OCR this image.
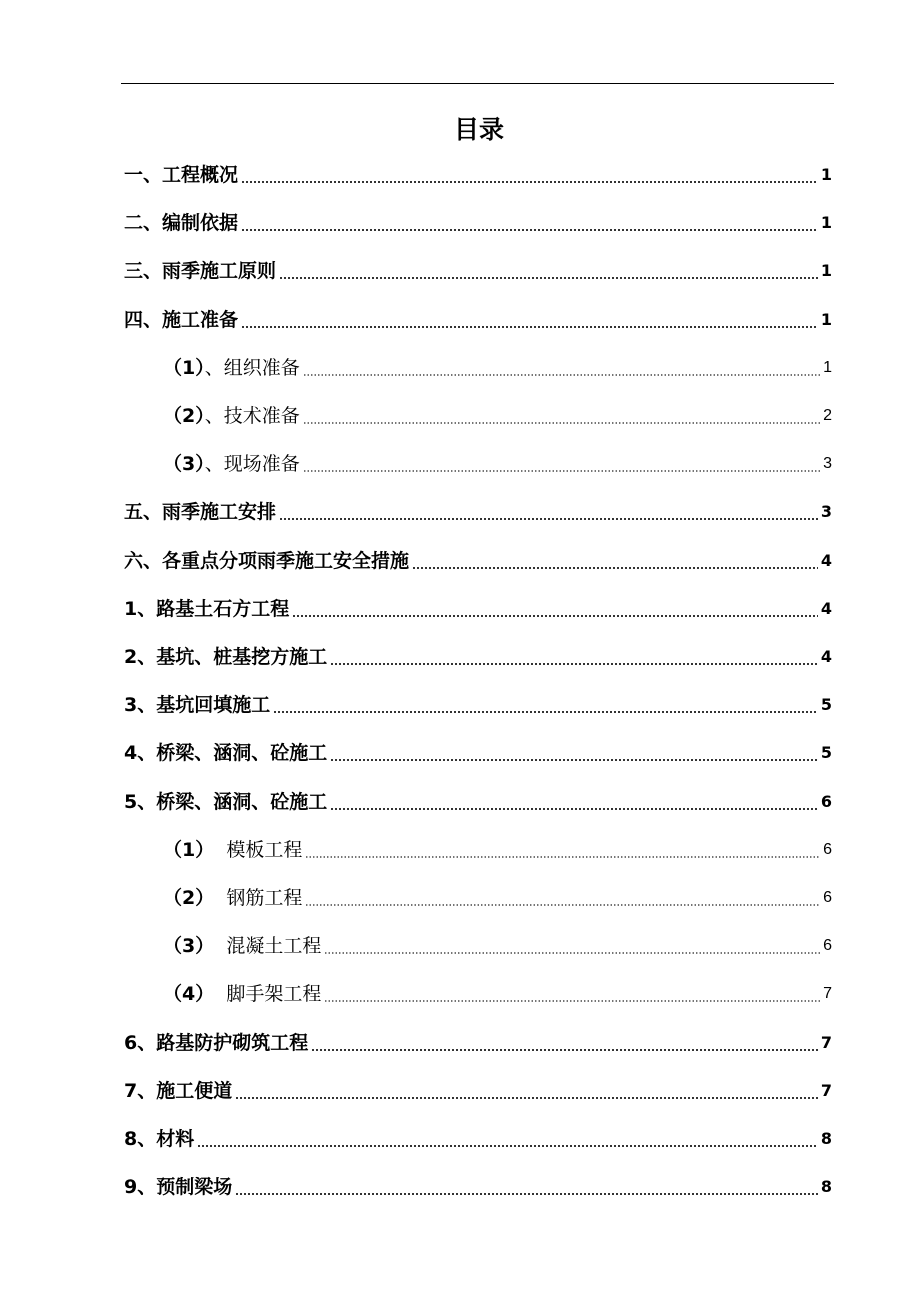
目录
一、工程概况	1
二、编制依据	1
三、雨季施工原则	1
四、施工准备	1
（1）、组织准备	1
（2）、技术准备	2
（3）、现场准备	3
五、雨季施工安排	3
六、各重点分项雨季施工安全措施	4
1、路基土石方工程	4
2、基坑、桩基挖方施工	4
3、基坑回填施工	5
4、桥梁、涵洞、砼施工	5
5、桥梁、涵洞、砼施工	6
（1）  模板工程	6
（2）  钢筋工程	6
（3）  混凝土工程	6
（4）  脚手架工程	7
6、路基防护砌筑工程	7
7、施工便道	7
8、材料	8
9、预制梁场	8
